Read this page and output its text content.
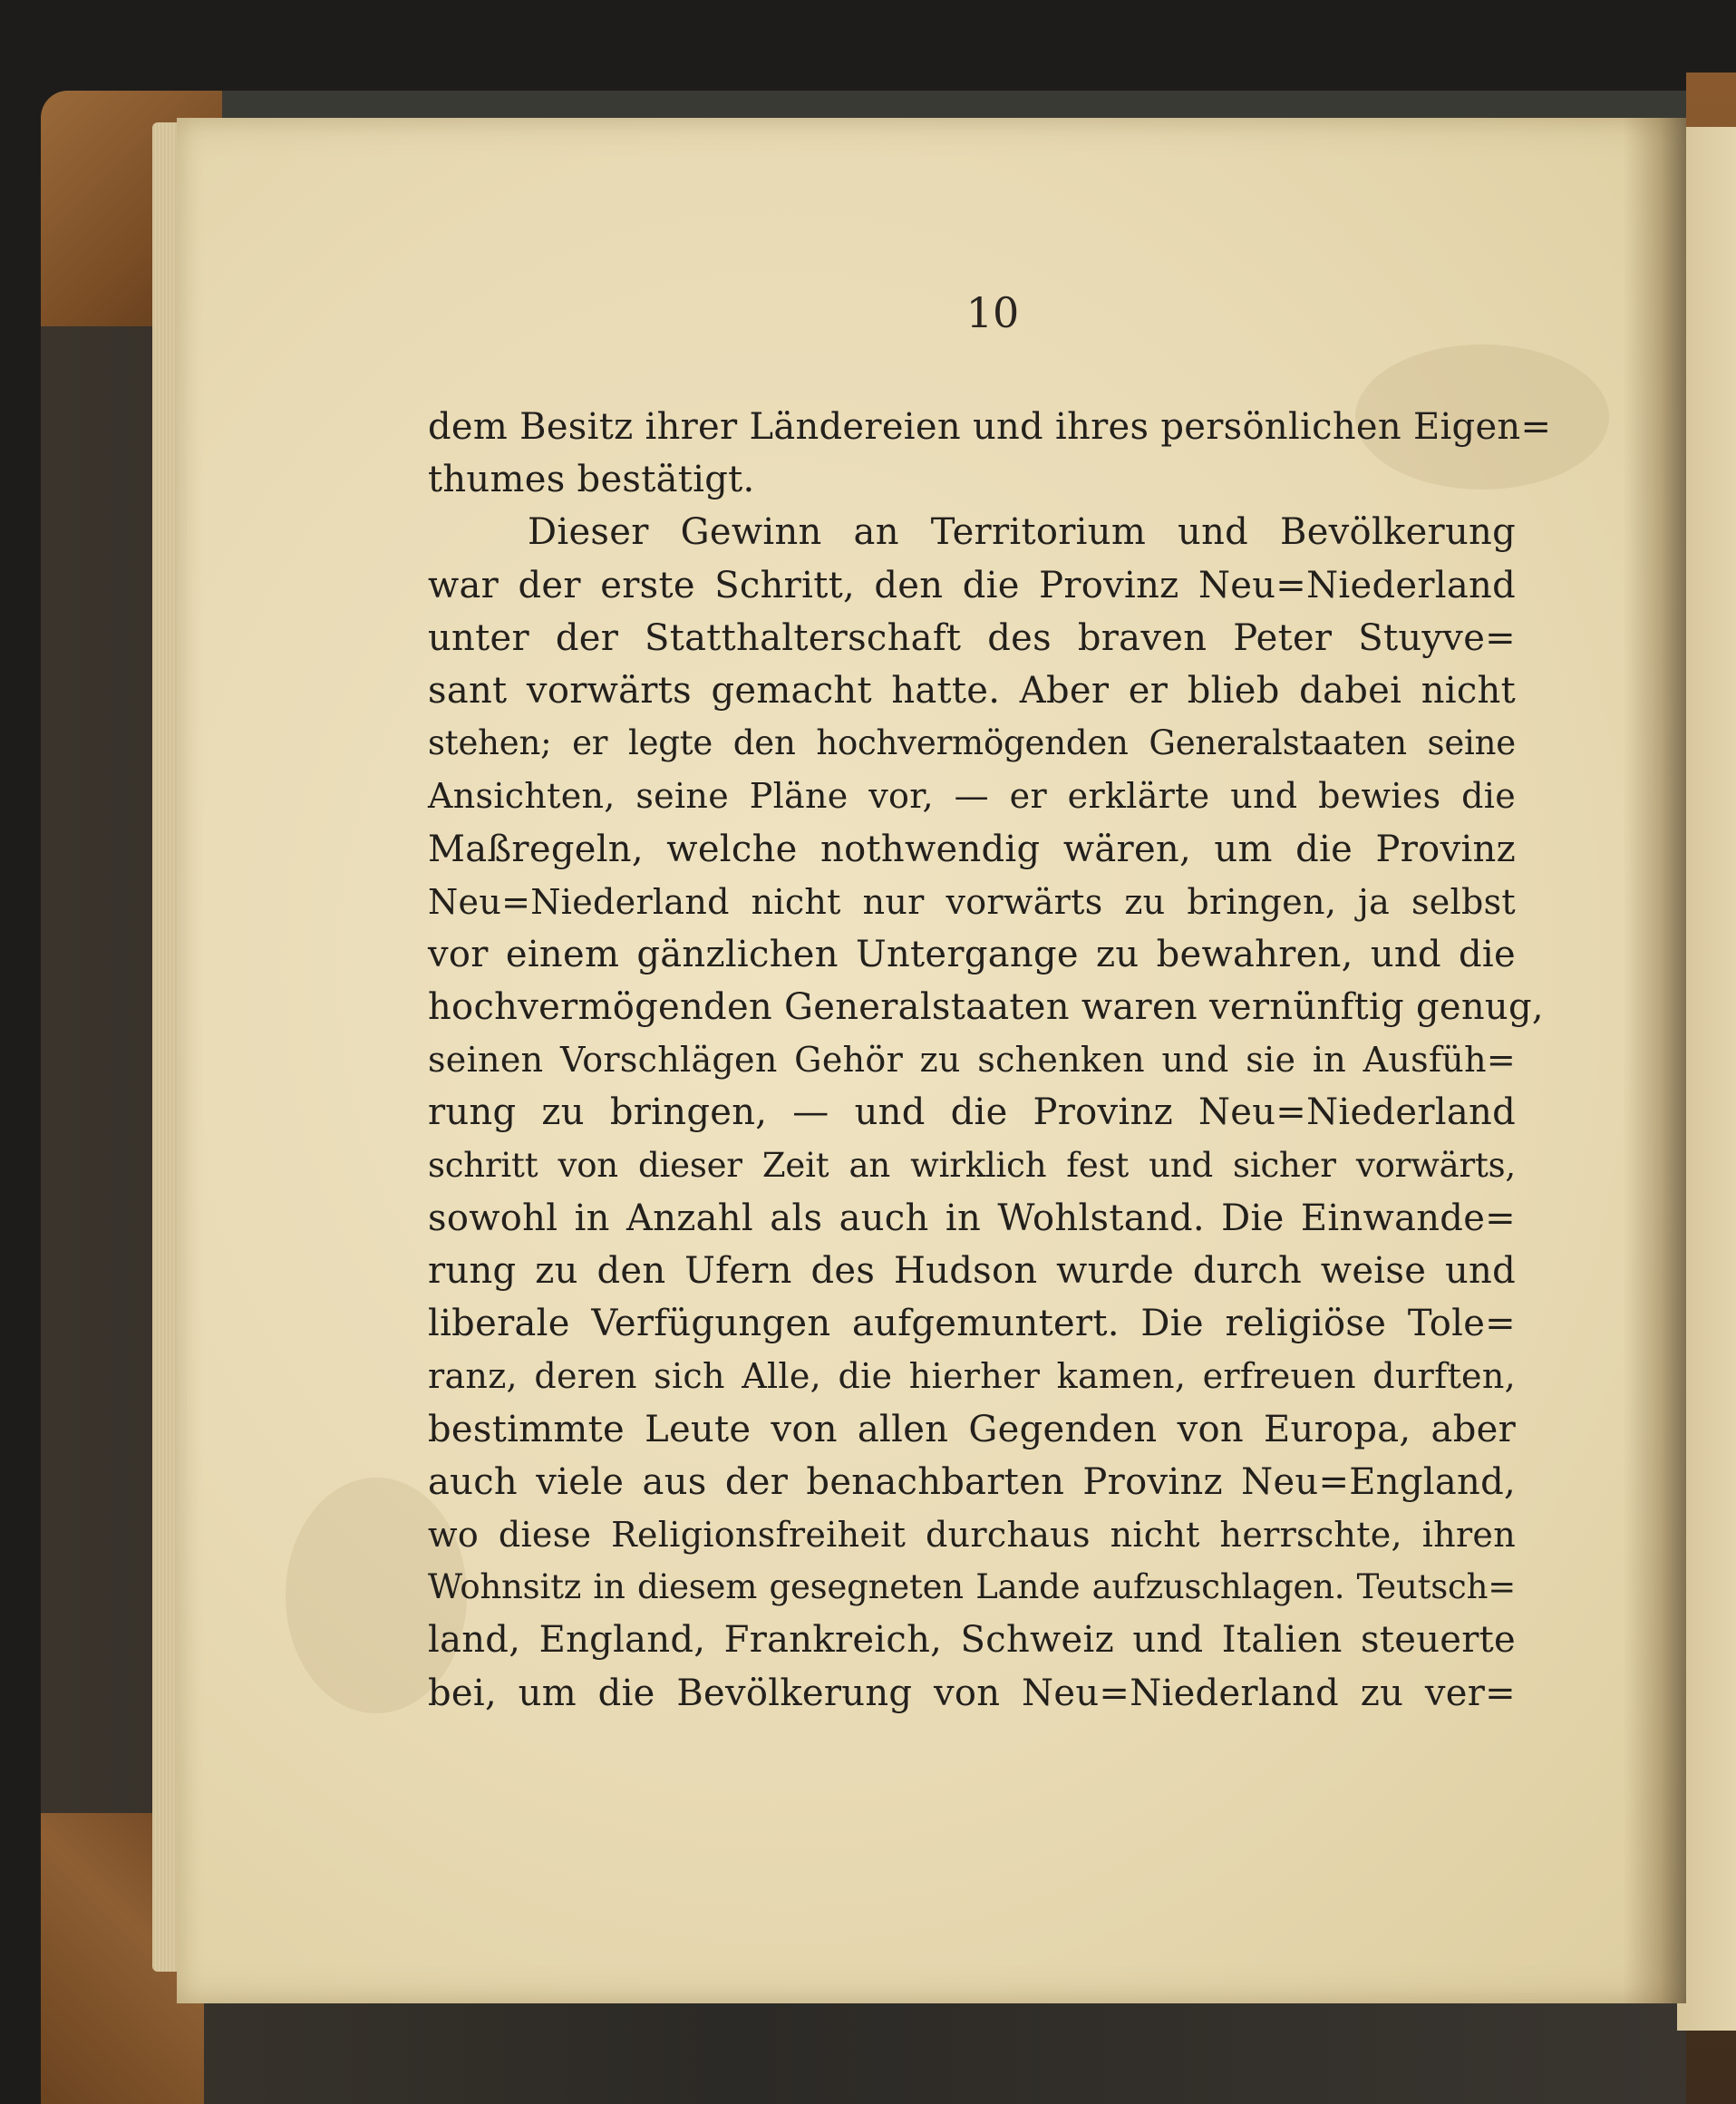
10

dem Besitz ihrer Ländereien und ihres persönlichen Eigen=
thumes bestätigt.
Dieser Gewinn an Territorium und Bevölkerung
war der erste Schritt, den die Provinz Neu=Niederland
unter der Statthalterschaft des braven Peter Stuyve=
sant vorwärts gemacht hatte. Aber er blieb dabei nicht
stehen; er legte den hochvermögenden Generalstaaten seine
Ansichten, seine Pläne vor, — er erklärte und bewies die
Maßregeln, welche nothwendig wären, um die Provinz
Neu=Niederland nicht nur vorwärts zu bringen, ja selbst
vor einem gänzlichen Untergange zu bewahren, und die
hochvermögenden Generalstaaten waren vernünftig genug,
seinen Vorschlägen Gehör zu schenken und sie in Ausfüh=
rung zu bringen, — und die Provinz Neu=Niederland
schritt von dieser Zeit an wirklich fest und sicher vorwärts,
sowohl in Anzahl als auch in Wohlstand. Die Einwande=
rung zu den Ufern des Hudson wurde durch weise und
liberale Verfügungen aufgemuntert. Die religiöse Tole=
ranz, deren sich Alle, die hierher kamen, erfreuen durften,
bestimmte Leute von allen Gegenden von Europa, aber
auch viele aus der benachbarten Provinz Neu=England,
wo diese Religionsfreiheit durchaus nicht herrschte, ihren
Wohnsitz in diesem gesegneten Lande aufzuschlagen. Teutsch=
land, England, Frankreich, Schweiz und Italien steuerte
bei, um die Bevölkerung von Neu=Niederland zu ver=
